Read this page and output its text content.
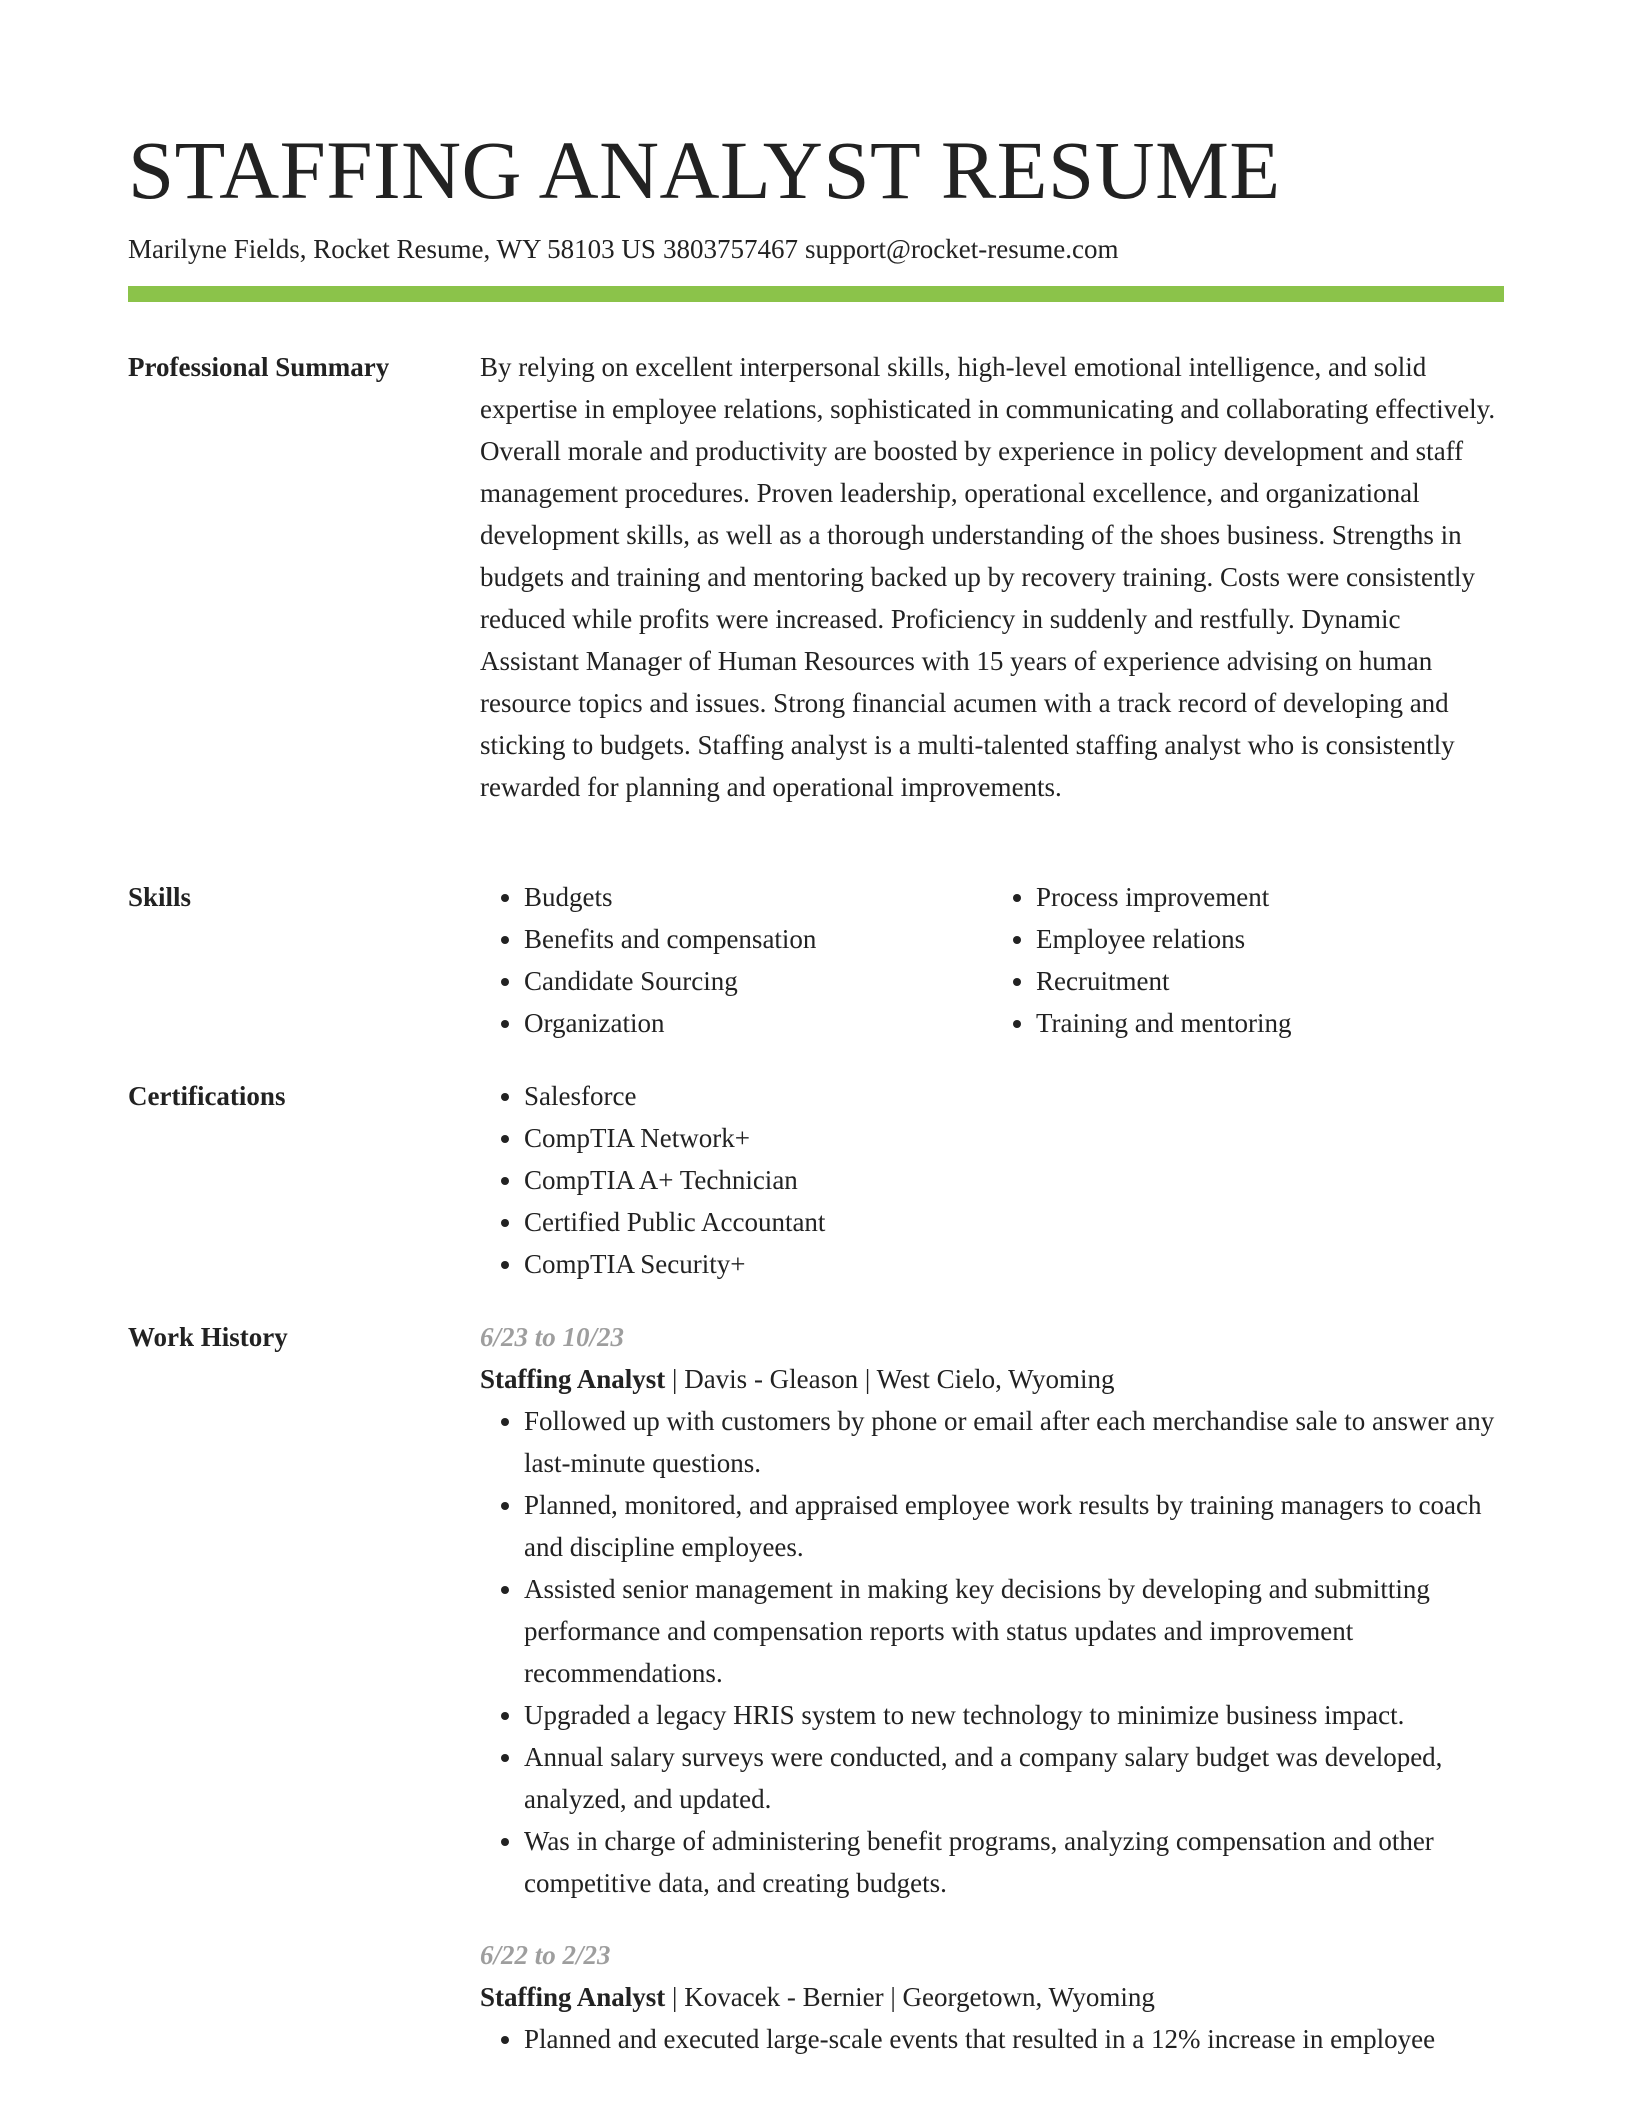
STAFFING ANALYST RESUME

Marilyne Fields, Rocket Resume, WY 58103 US 3803757467 support@rocket-resume.com

Professional Summary	By relying on excellent interpersonal skills, high-level emotional intelligence, and solid expertise in employee relations, sophisticated in communicating and collaborating effectively. Overall morale and productivity are boosted by experience in policy development and staff management procedures. Proven leadership, operational excellence, and organizational development skills, as well as a thorough understanding of the shoes business. Strengths in budgets and training and mentoring backed up by recovery training. Costs were consistently reduced while profits were increased. Proficiency in suddenly and restfully. Dynamic Assistant Manager of Human Resources with 15 years of experience advising on human resource topics and issues. Strong financial acumen with a track record of developing and sticking to budgets. Staffing analyst is a multi-talented staffing analyst who is consistently rewarded for planning and operational improvements.

Skills	• Budgets
• Benefits and compensation
• Candidate Sourcing
• Organization
• Process improvement
• Employee relations
• Recruitment
• Training and mentoring
Certifications	• Salesforce
• CompTIA Network+
• CompTIA A+ Technician
• Certified Public Accountant
• CompTIA Security+
Work History	6/23 to 10/23

Staffing Analyst | Davis - Gleason | West Cielo, Wyoming

• Followed up with customers by phone or email after each merchandise sale to answer any last-minute questions.
• Planned, monitored, and appraised employee work results by training managers to coach and discipline employees.
• Assisted senior management in making key decisions by developing and submitting performance and compensation reports with status updates and improvement recommendations.
• Upgraded a legacy HRIS system to new technology to minimize business impact.
• Annual salary surveys were conducted, and a company salary budget was developed, analyzed, and updated.
• Was in charge of administering benefit programs, analyzing compensation and other competitive data, and creating budgets.

6/22 to 2/23

Staffing Analyst | Kovacek - Bernier | Georgetown, Wyoming

• Planned and executed large-scale events that resulted in a 12% increase in employee
